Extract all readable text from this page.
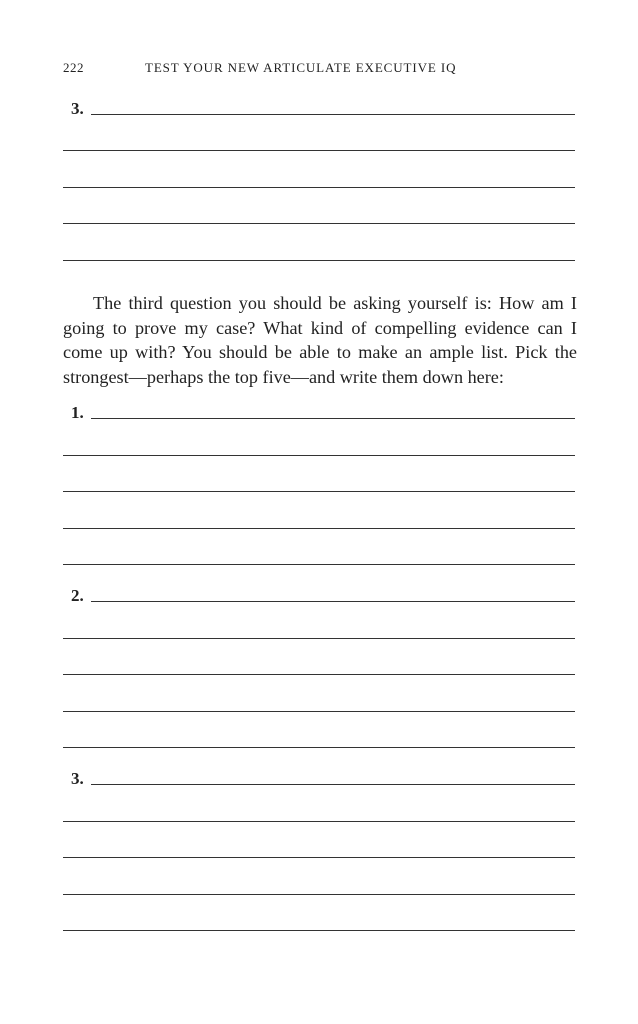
222	TEST YOUR NEW ARTICULATE EXECUTIVE IQ
3.

The third question you should be asking yourself is: How am I going to prove my case? What kind of compelling evidence can I come up with? You should be able to make an ample list. Pick the strongest—perhaps the top five—and write them down here:

1.
2.
3.
